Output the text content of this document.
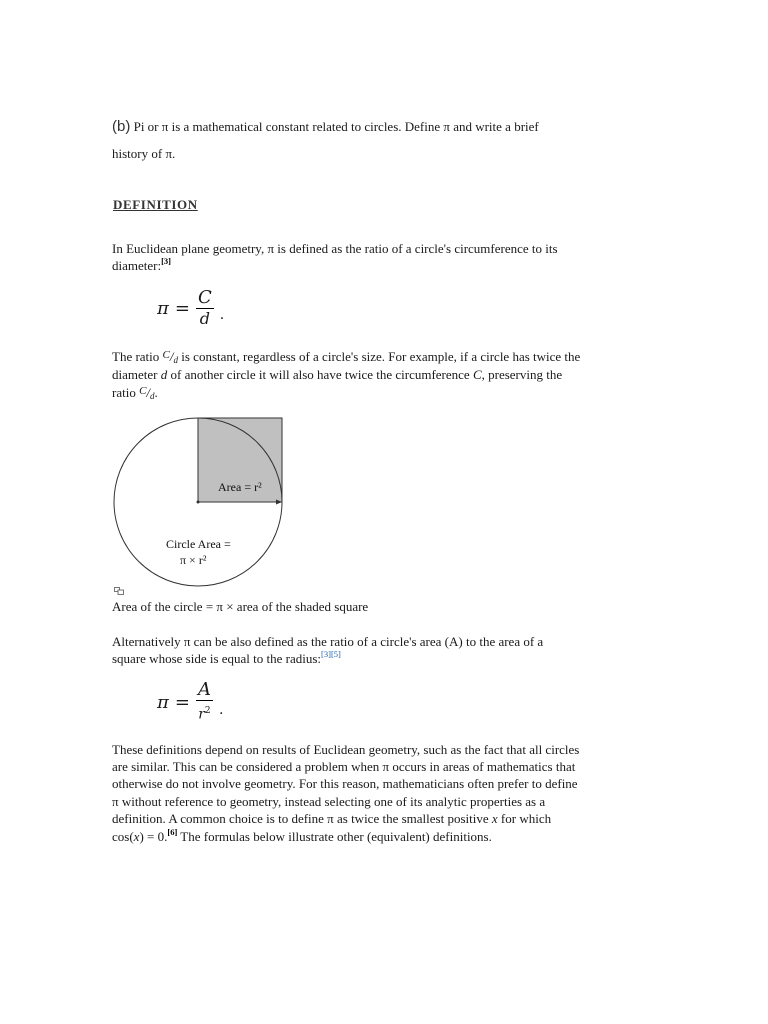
(b) Pi or π is a mathematical constant related to circles. Define π and write a brief
history of π.
DEFINITION
In Euclidean plane geometry, π is defined as the ratio of a circle's circumference to its
diameter:[3]
$\pi = \frac{C}{d}$ .
The ratio $^C$/d is constant, regardless of a circle's size. For example, if a circle has twice the
diameter d of another circle it will also have twice the circumference C, preserving the
ratio $^C$/d.
Area = r²
Circle Area =
π × r²
Area of the circle = π × area of the shaded square
Alternatively π can be also defined as the ratio of a circle's area (A) to the area of a
square whose side is equal to the radius:[3][5]
$\pi = \frac{A}{r^2}$ .
These definitions depend on results of Euclidean geometry, such as the fact that all circles
are similar. This can be considered a problem when π occurs in areas of mathematics that
otherwise do not involve geometry. For this reason, mathematicians often prefer to define
π without reference to geometry, instead selecting one of its analytic properties as a
definition. A common choice is to define π as twice the smallest positive x for which
cos(x) = 0.[6] The formulas below illustrate other (equivalent) definitions.
